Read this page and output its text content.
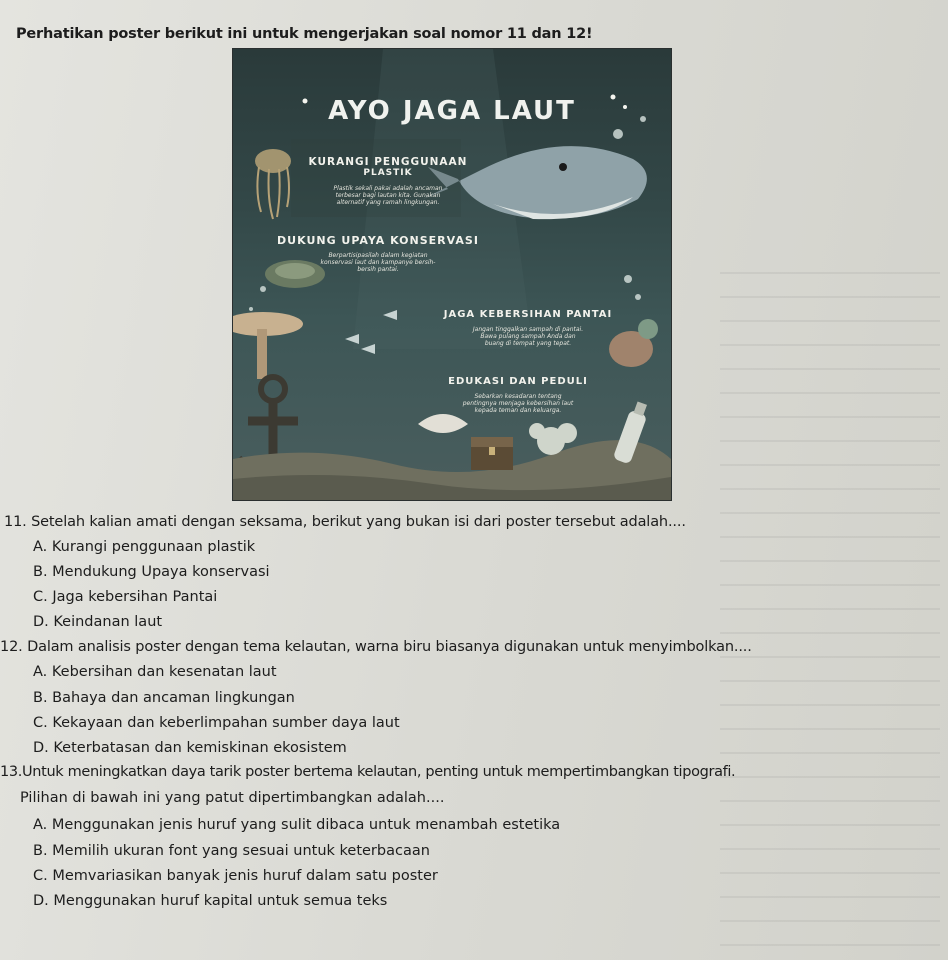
Perhatikan poster berikut ini untuk mengerjakan soal nomor 11 dan 12!
AYO JAGA LAUT
KURANGI PENGGUNAAN
PLASTIK
Plastik sekali pakai adalah ancaman
terbesar bagi lautan kita. Gunakan
alternatif yang ramah lingkungan.
DUKUNG UPAYA KONSERVASI
Berpartisipasilah dalam kegiatan
konservasi laut dan kampanye bersih-
bersih pantai.
JAGA KEBERSIHAN PANTAI
Jangan tinggalkan sampah di pantai.
Bawa pulang sampah Anda dan
buang di tempat yang tepat.
EDUKASI DAN PEDULI
Sebarkan kesadaran tentang
pentingnya menjaga kebersihan laut
kepada teman dan keluarga.
11. Setelah kalian amati dengan seksama, berikut yang bukan isi dari poster tersebut adalah....
A. Kurangi penggunaan plastik
B. Mendukung Upaya konservasi
C. Jaga kebersihan Pantai
D. Keindanan laut
12. Dalam analisis poster dengan tema kelautan, warna biru biasanya digunakan untuk menyimbolkan....
A. Kebersihan dan kesenatan laut
B. Bahaya dan ancaman lingkungan
C. Kekayaan dan keberlimpahan sumber daya laut
D. Keterbatasan dan kemiskinan ekosistem
13.Untuk meningkatkan daya tarik poster bertema kelautan, penting untuk mempertimbangkan tipografi.
Pilihan di bawah ini yang patut dipertimbangkan adalah....
A. Menggunakan jenis huruf yang sulit dibaca untuk menambah estetika
B. Memilih ukuran font yang sesuai untuk keterbacaan
C. Memvariasikan banyak jenis huruf dalam satu poster
D. Menggunakan huruf kapital untuk semua teks
